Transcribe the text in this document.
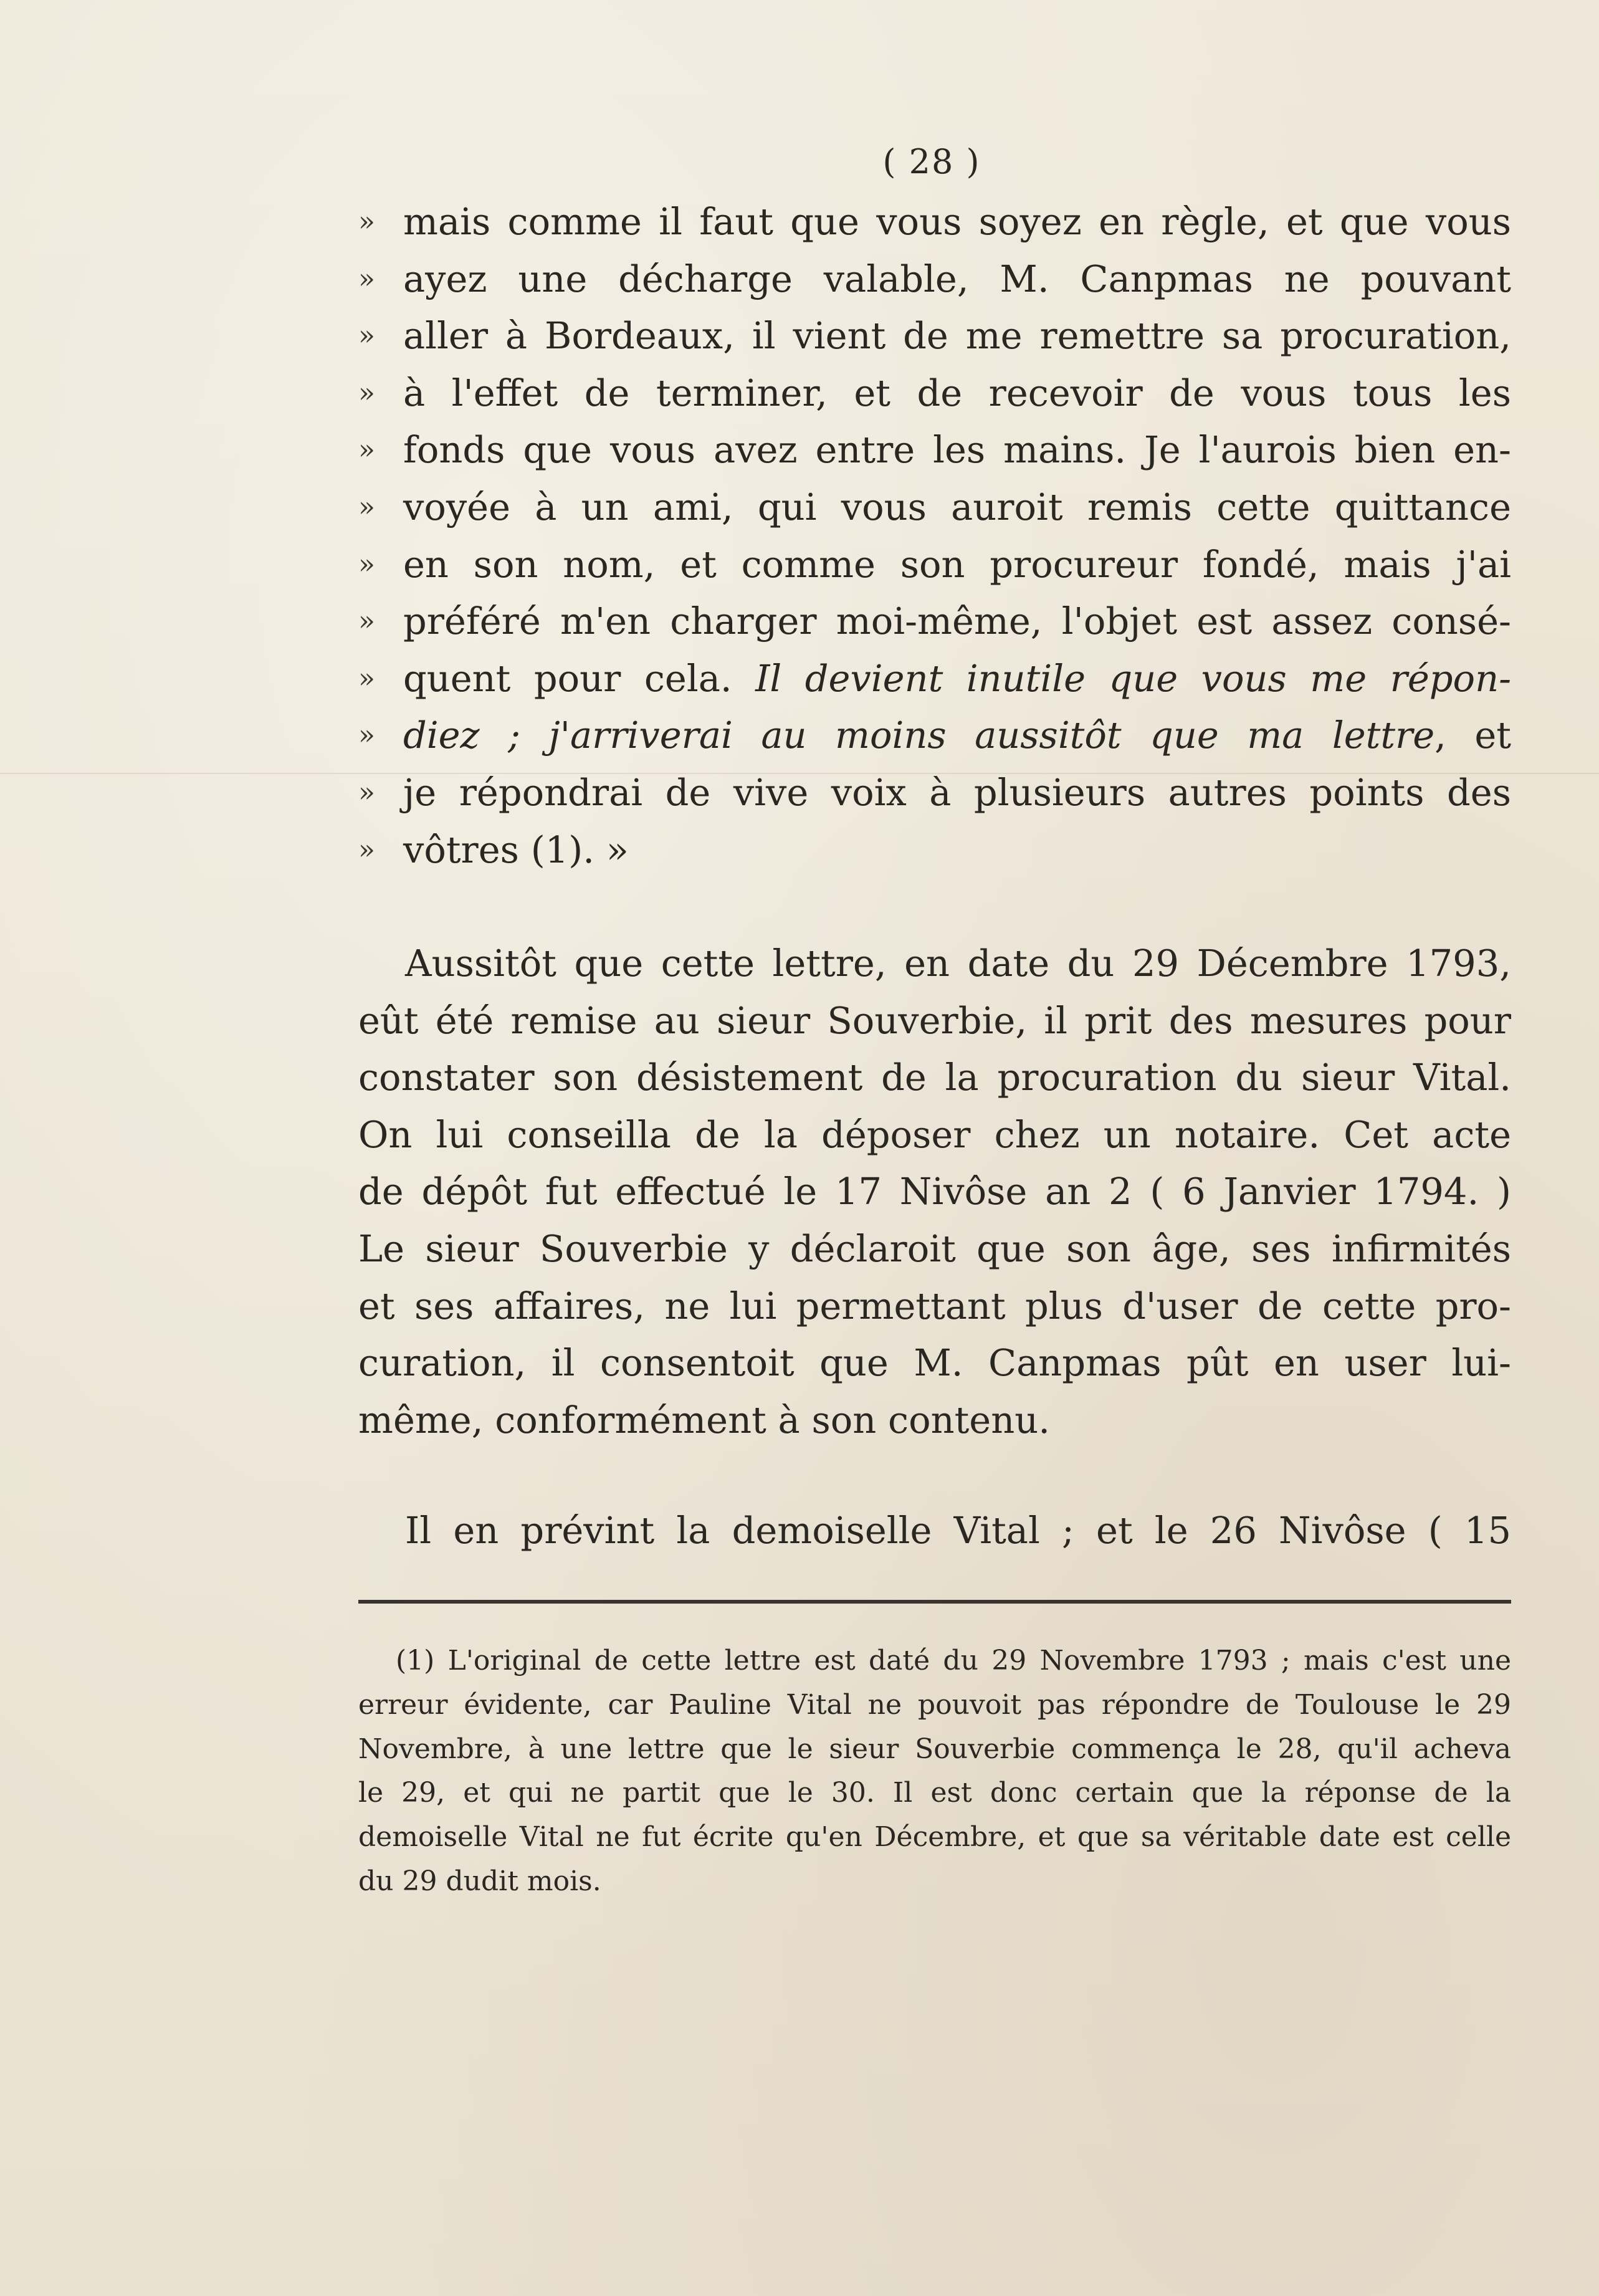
( 28 )
» mais comme il faut que vous soyez en règle, et que vous
» ayez une décharge valable, M. Canpmas ne pouvant
» aller à Bordeaux, il vient de me remettre sa procuration,
» à l'effet de terminer, et de recevoir de vous tous les
» fonds que vous avez entre les mains. Je l'aurois bien en-
» voyée à un ami, qui vous auroit remis cette quittance
» en son nom, et comme son procureur fondé, mais j'ai
» préféré m'en charger moi-même, l'objet est assez consé-
» quent pour cela. Il devient inutile que vous me répon-
» diez ; j'arriverai au moins aussitôt que ma lettre, et
» je répondrai de vive voix à plusieurs autres points des
» vôtres (1). »
Aussitôt que cette lettre, en date du 29 Décembre 1793,
eût été remise au sieur Souverbie, il prit des mesures pour
constater son désistement de la procuration du sieur Vital.
On lui conseilla de la déposer chez un notaire. Cet acte
de dépôt fut effectué le 17 Nivôse an 2 ( 6 Janvier 1794. )
Le sieur Souverbie y déclaroit que son âge, ses infirmités
et ses affaires, ne lui permettant plus d'user de cette pro-
curation, il consentoit que M. Canpmas pût en user lui-
même, conformément à son contenu.
Il en prévint la demoiselle Vital ; et le 26 Nivôse ( 15
(1) L'original de cette lettre est daté du 29 Novembre 1793 ; mais c'est une
erreur évidente, car Pauline Vital ne pouvoit pas répondre de Toulouse le 29
Novembre, à une lettre que le sieur Souverbie commença le 28, qu'il acheva
le 29, et qui ne partit que le 30. Il est donc certain que la réponse de la
demoiselle Vital ne fut écrite qu'en Décembre, et que sa véritable date est celle
du 29 dudit mois.
